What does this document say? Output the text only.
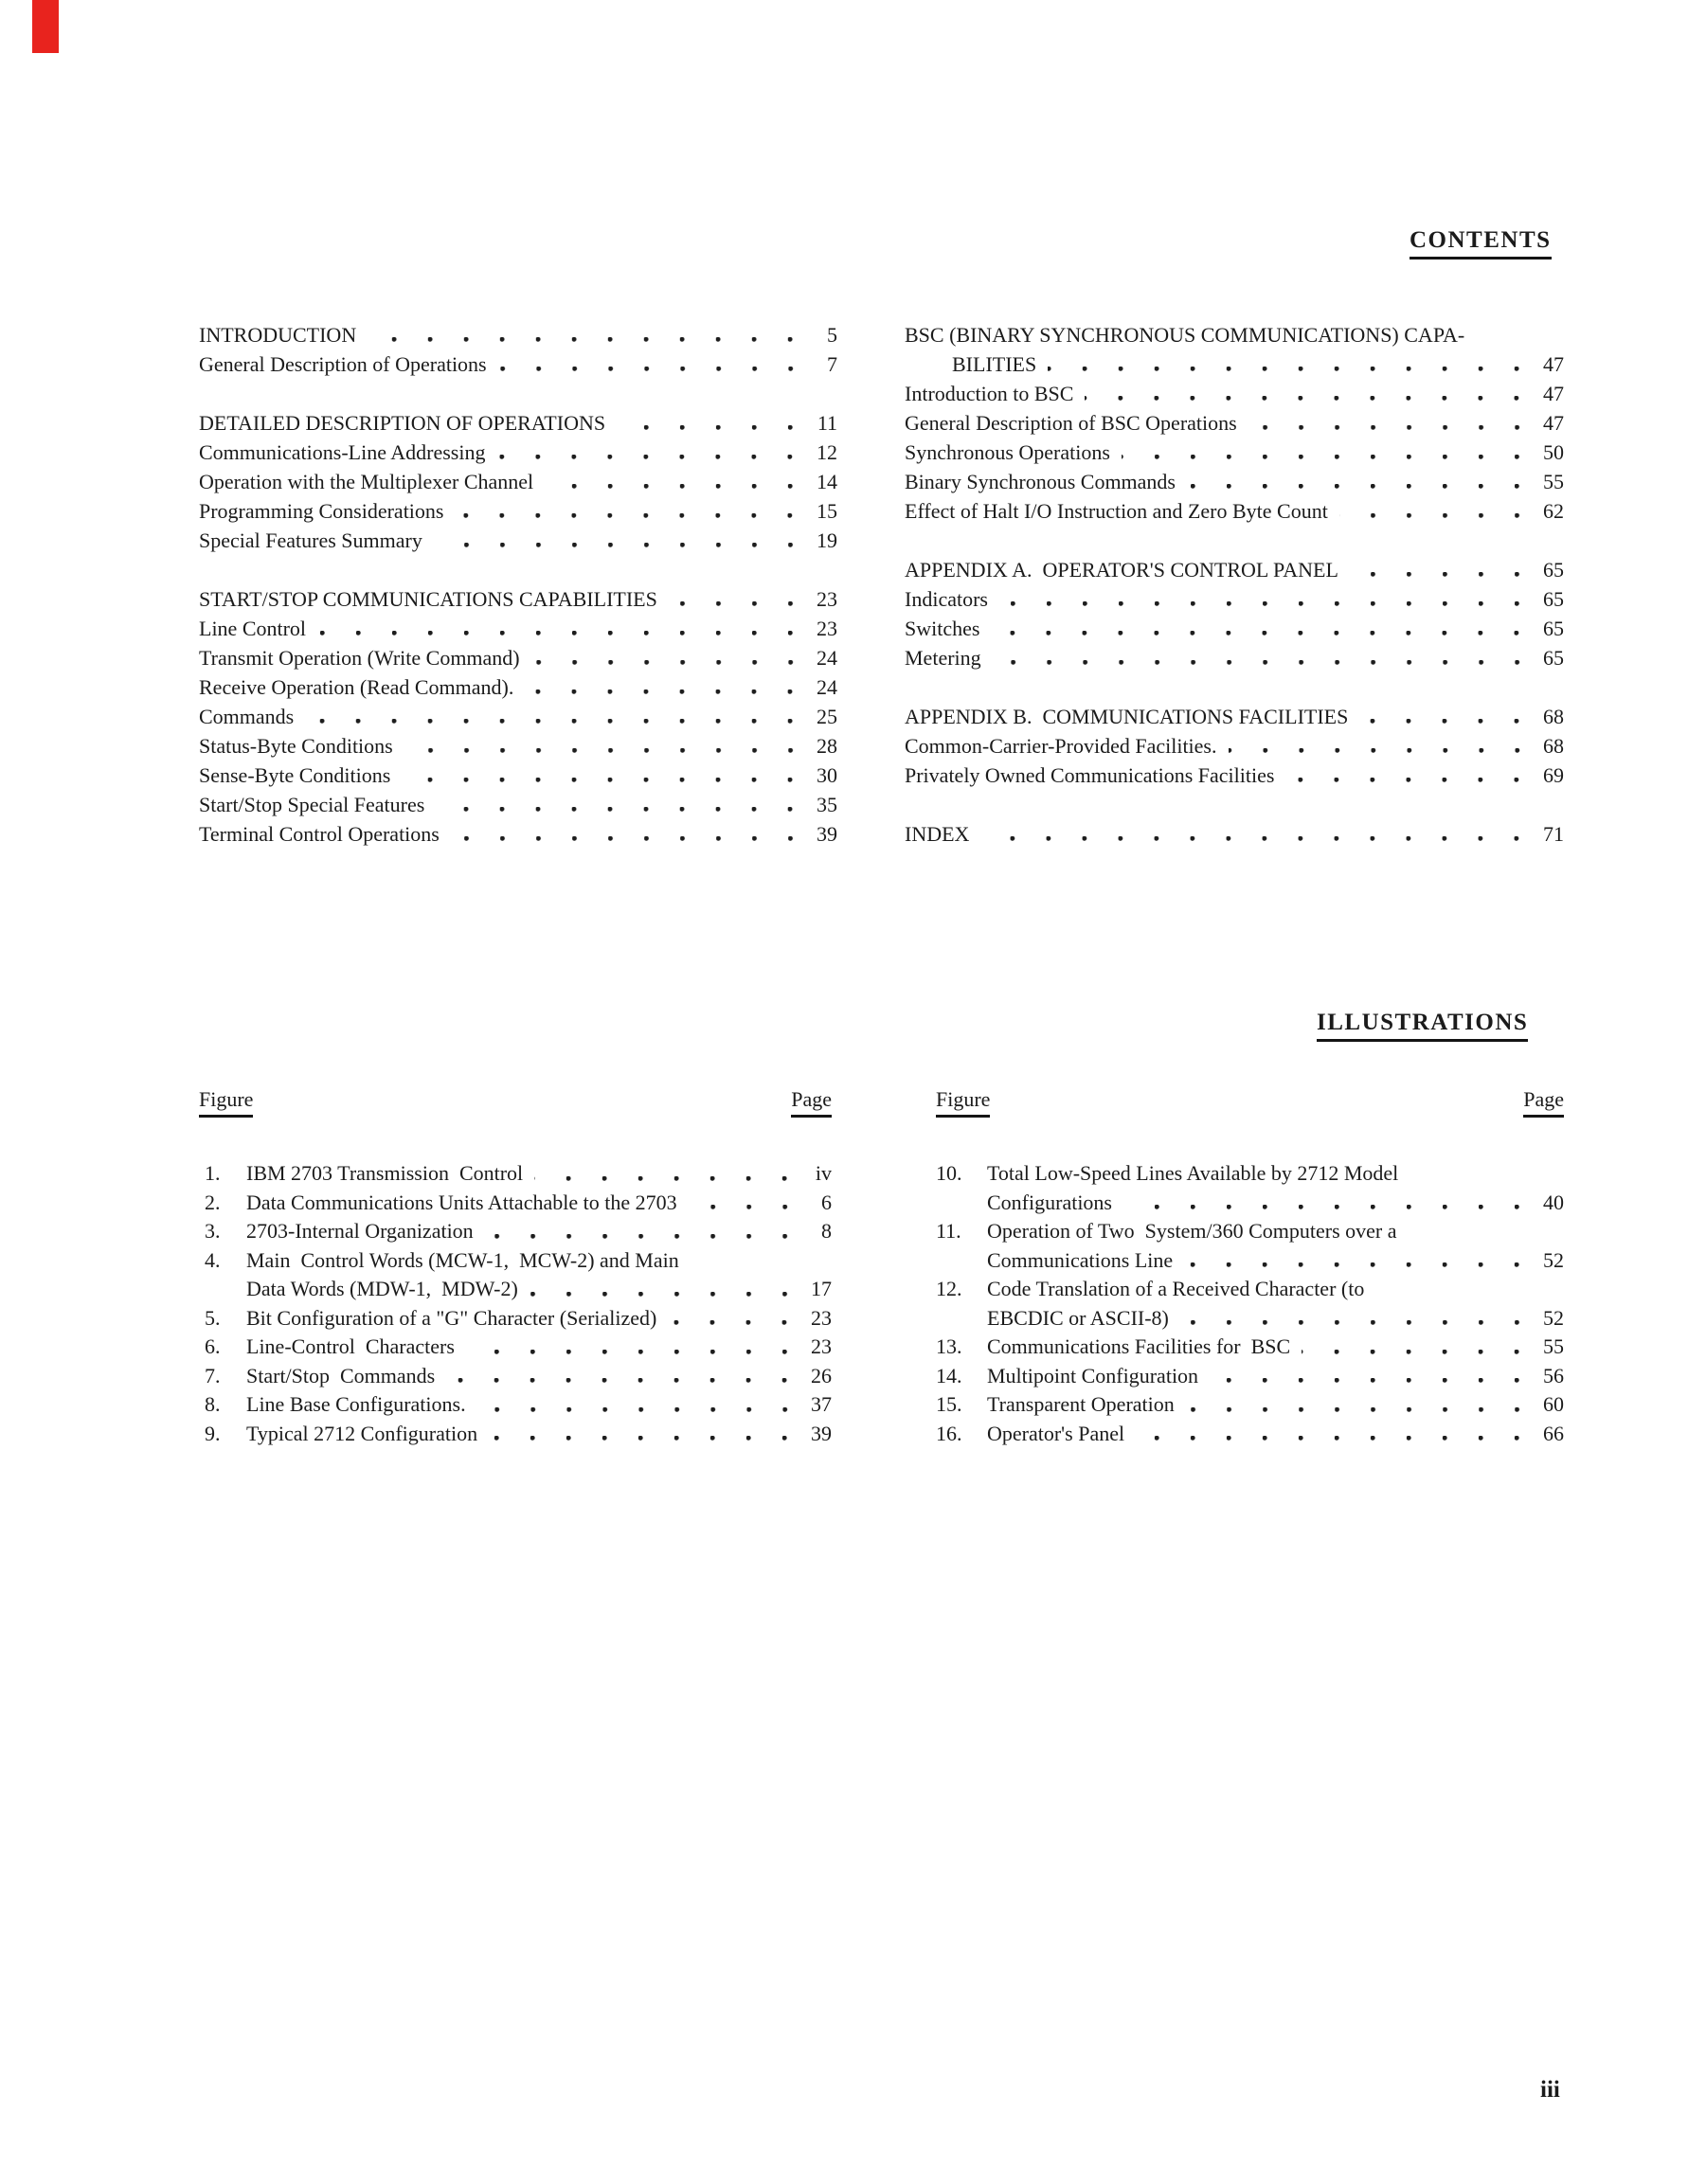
CONTENTS
INTRODUCTION	5
General Description of Operations	7
DETAILED DESCRIPTION OF OPERATIONS	11
Communications-Line Addressing	12
Operation with the Multiplexer Channel	14
Programming Considerations	15
Special Features Summary	19
START/STOP COMMUNICATIONS CAPABILITIES	23
Line Control	23
Transmit Operation (Write Command)	24
Receive Operation (Read Command).	24
Commands	25
Status-Byte Conditions	28
Sense-Byte Conditions	30
Start/Stop Special Features	35
Terminal Control Operations	39
BSC (BINARY SYNCHRONOUS COMMUNICATIONS) CAPA-
BILITIES	47
Introduction to BSC	47
General Description of BSC Operations	47
Synchronous Operations	50
Binary Synchronous Commands	55
Effect of Halt I/O Instruction and Zero Byte Count	62
APPENDIX A.  OPERATOR'S CONTROL PANEL	65
Indicators	65
Switches	65
Metering	65
APPENDIX B.  COMMUNICATIONS FACILITIES	68
Common-Carrier-Provided Facilities.	68
Privately Owned Communications Facilities	69
INDEX	71
ILLUSTRATIONS
Figure	Page	Figure	Page
1.	IBM 2703 Transmission  Control	iv
2.	Data Communications Units Attachable to the 2703	6
3.	2703-Internal Organization	8
4.	Main  Control Words (MCW-1,  MCW-2) and Main
Data Words (MDW-1,  MDW-2)	17
5.	Bit Configuration of a "G" Character (Serialized)	23
6.	Line-Control  Characters	23
7.	Start/Stop  Commands	26
8.	Line Base Configurations.	37
9.	Typical 2712 Configuration	39
10.	Total Low-Speed Lines Available by 2712 Model
Configurations	40
11.	Operation of Two  System/360 Computers over a
Communications Line	52
12.	Code Translation of a Received Character (to
EBCDIC or ASCII-8)	52
13.	Communications Facilities for  BSC	55
14.	Multipoint Configuration	56
15.	Transparent Operation	60
16.	Operator's Panel	66
iii
